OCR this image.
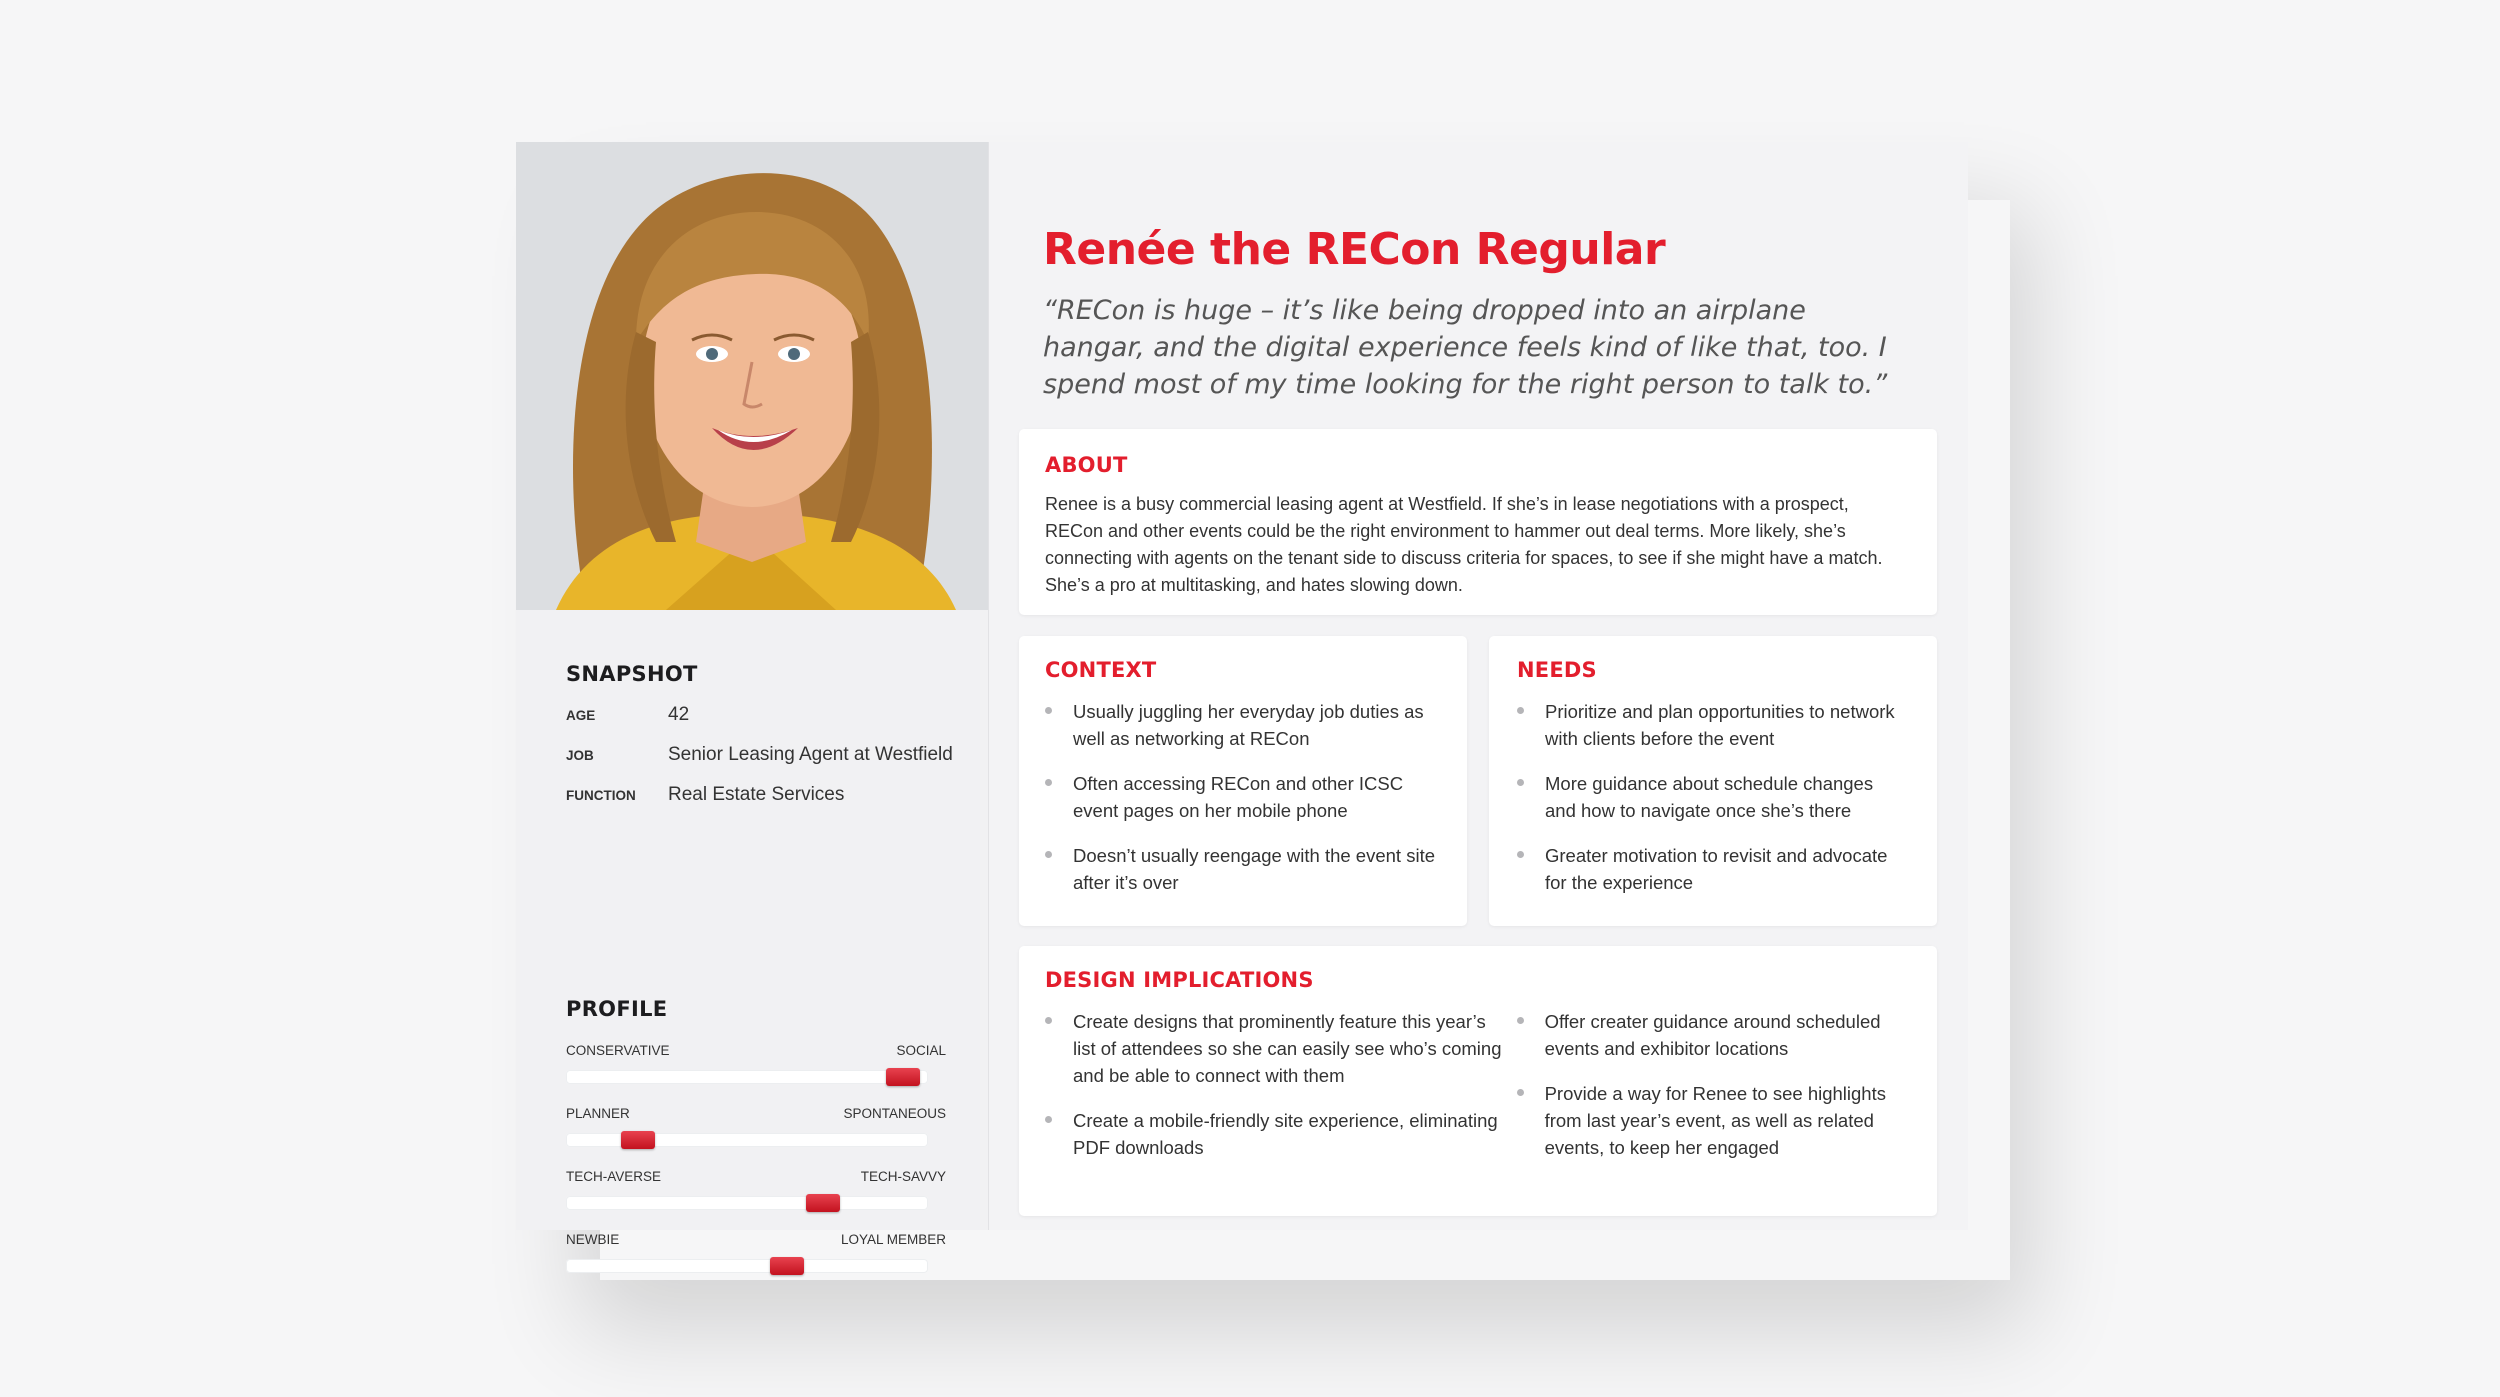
SNAPSHOT
AGE	42
JOB	Senior Leasing Agent at Westfield
FUNCTION	Real Estate Services
PROFILE
CONSERVATIVE	SOCIAL
PLANNER	SPONTANEOUS
TECH-AVERSE	TECH-SAVVY
NEWBIE	LOYAL MEMBER
Renée the RECon Regular
“RECon is huge – it’s like being dropped into an airplane hangar, and the digital experience feels kind of like that, too. I spend most of my time looking for the right person to talk to.”
ABOUT

Renee is a busy commercial leasing agent at Westfield. If she’s in lease negotiations with a prospect, RECon and other events could be the right environment to hammer out deal terms. More likely, she’s connecting with agents on the tenant side to discuss criteria for spaces, to see if she might have a match. She’s a pro at multitasking, and hates slowing down.

CONTEXT
Usually juggling her everyday job duties as well as networking at RECon
Often accessing RECon and other ICSC event pages on her mobile phone
Doesn’t usually reengage with the event site after it’s over
NEEDS
Prioritize and plan opportunities to network with clients before the event
More guidance about schedule changes and how to navigate once she’s there
Greater motivation to revisit and advocate for the experience
DESIGN IMPLICATIONS
Create designs that prominently feature this year’s list of attendees so she can easily see who’s coming and be able to connect with them
Create a mobile-friendly site experience, eliminating PDF downloads
Offer creater guidance around scheduled events and exhibitor locations
Provide a way for Renee to see highlights from last year’s event, as well as related events, to keep her engaged
